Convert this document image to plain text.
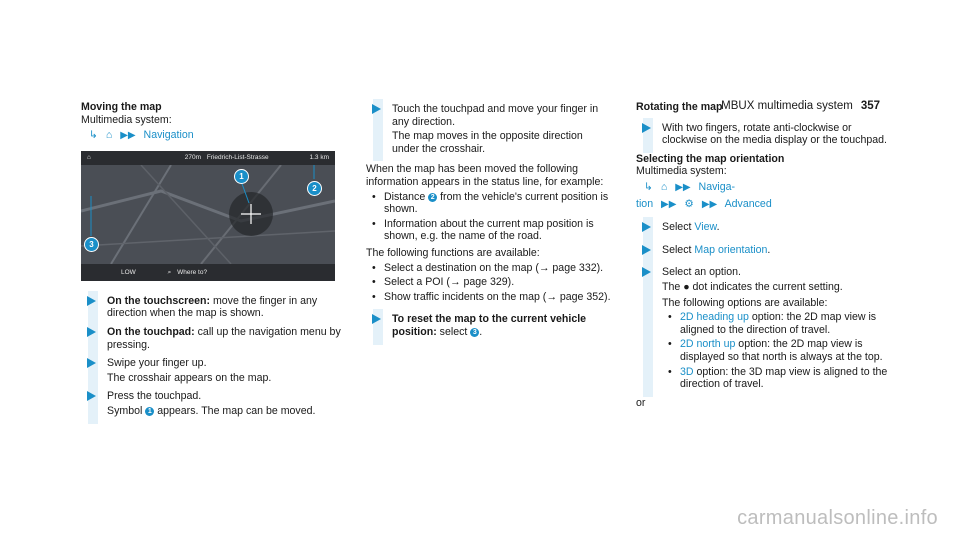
MBUX multimedia system 357
Moving the map
Multimedia system:
↳ ⌂ ▶▶ Navigation
⌂	270m Friedrich-List-Strasse	1.3 km
LOW	⌕ Where to?
1
2
3
On the touchscreen: move the finger in any direction when the map is shown.
On the touchpad: call up the navigation menu by pressing.

Swipe your finger up.

The crosshair appears on the map.

Press the touchpad.

Symbol 1 appears. The map can be moved.

Touch the touchpad and move your finger in any direction.

The map moves in the opposite direction under the crosshair.

When the map has been moved the following information appears in the status line, for example:

• Distance 2 from the vehicle's current position is shown.
• Information about the current map position is shown, e.g. the name of the road.

The following functions are available:

• Select a destination on the map (→ page 332).
• Select a POI (→ page 329).
• Show traffic incidents on the map (→ page 352).
To reset the map to the current vehicle position: select 3 .
Rotating the map
With two fingers, rotate anti-clockwise or clockwise on the media display or the touchpad.
Selecting the map orientation
Multimedia system:
↳ ⌂ ▶▶ Naviga-
tion ▶▶ ⚙ ▶▶ Advanced
Select View.
Select Map orientation.

Select an option.

The ● dot indicates the current setting.

The following options are available:

• 2D heading up option: the 2D map view is aligned to the direction of travel.
• 2D north up option: the 2D map view is displayed so that north is always at the top.
• 3D option: the 3D map view is aligned to the direction of travel.
or
carmanualsonline.info
